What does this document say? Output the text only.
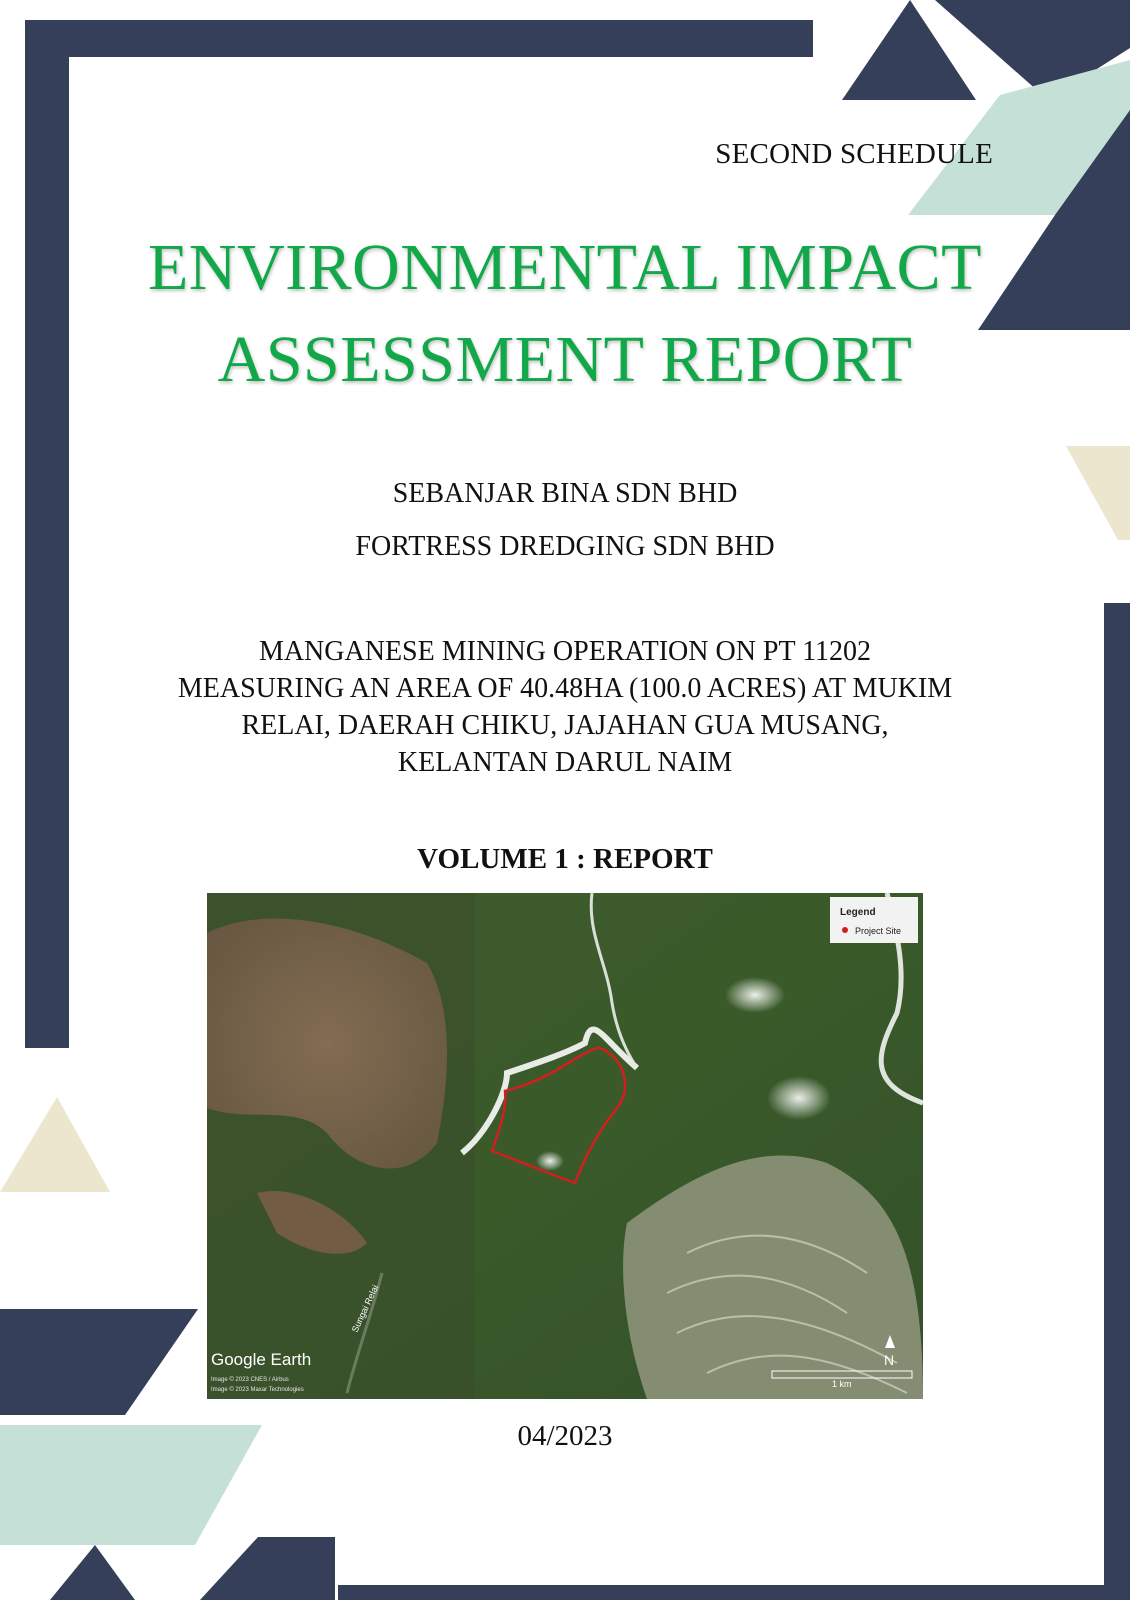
SECOND SCHEDULE

ENVIRONMENTAL IMPACT
ASSESSMENT REPORT

SEBANJAR BINA SDN BHD

FORTRESS DREDGING SDN BHD

MANGANESE MINING OPERATION ON PT 11202
MEASURING AN AREA OF 40.48HA (100.0 ACRES) AT MUKIM
RELAI, DAERAH CHIKU, JAJAHAN GUA MUSANG,
KELANTAN DARUL NAIM

VOLUME 1 : REPORT

Legend
Project Site
Google Earth
Image © 2023 CNES / Airbus
Image © 2023 Maxar Technologies
Sungai Relai
N
1 km

04/2023
